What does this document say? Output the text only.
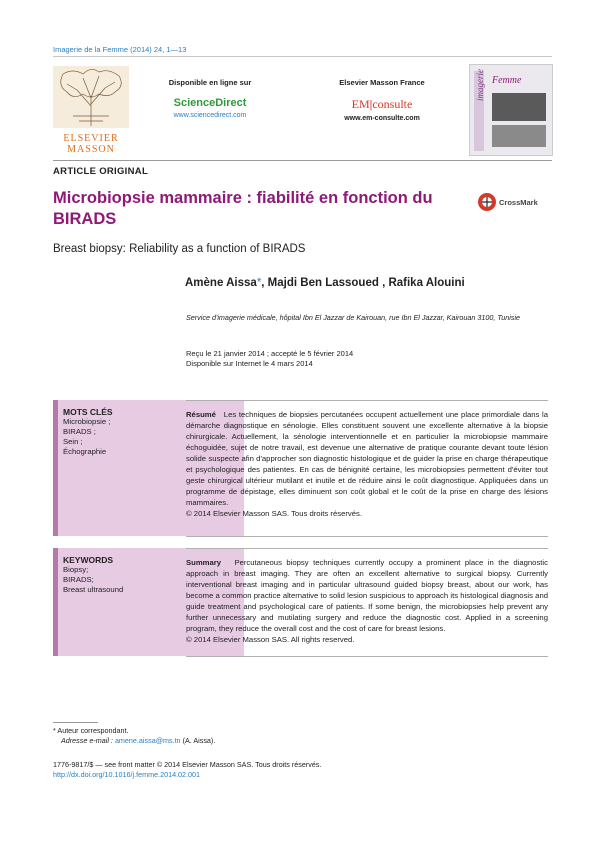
Imagerie de la Femme (2014) 24, 1—13
ELSEVIER
MASSON
Disponible en ligne sur
ScienceDirect
www.sciencedirect.com
Elsevier Masson France
EM|consulte
www.em-consulte.com
imagerie Femme
ARTICLE ORIGINAL
Microbiopsie mammaire : fiabilité en fonction du BIRADS
CrossMark
Breast biopsy: Reliability as a function of BIRADS
Amène Aissa*, Majdi Ben Lassoued , Rafika Alouini
Service d'imagerie médicale, hôpital Ibn El Jazzar de Kairouan, rue Ibn El Jazzar, Kairouan 3100, Tunisie
Reçu le 21 janvier 2014 ; accepté le 5 février 2014
Disponible sur Internet le 4 mars 2014
MOTS CLÉS
Microbiopsie ;
BIRADS ;
Sein ;
Échographie
Résumé Les techniques de biopsies percutanées occupent actuellement une place primordiale dans la démarche diagnostique en sénologie. Elles constituent souvent une excellente alternative à la biopsie chirurgicale. Actuellement, la sénologie interventionnelle et en particulier la microbiopsie mammaire échoguidée, sujet de notre travail, est devenue une alternative de pratique courante devant toute lésion solide suspecte afin d'approcher son diagnostic histologique et de guider la prise en charge thérapeutique et psychologique des patientes. En cas de bénignité certaine, les microbiopsies permettent d'éviter tout geste chirurgical ultérieur mutilant et inutile et de réduire ainsi le coût diagnostique. Appliquées dans un programme de dépistage, elles diminuent son coût global et le coût de la prise en charge des lésions mammaires.
© 2014 Elsevier Masson SAS. Tous droits réservés.
KEYWORDS
Biopsy;
BIRADS;
Breast ultrasound
Summary Percutaneous biopsy techniques currently occupy a prominent place in the diagnostic approach in breast imaging. They are often an excellent alternative to surgical biopsy. Currently interventional breast imaging and in particular ultrasound guided biopsy breast, about our work, has become a common practice alternative to solid lesion suspicious to approach its histological diagnosis and guide treatment and psychological care of patients. If some benign, the microbiopsies help prevent any further unnecessary and mutilating surgery and reduce the diagnostic cost. Applied in a screening program, they reduce the overall cost and the cost of care for breast lesions.
© 2014 Elsevier Masson SAS. All rights reserved.
* Auteur correspondant.
Adresse e-mail : amene.aissa@ms.tn (A. Aissa).
1776-9817/$ — see front matter © 2014 Elsevier Masson SAS. Tous droits réservés.
http://dx.doi.org/10.1016/j.femme.2014.02.001
